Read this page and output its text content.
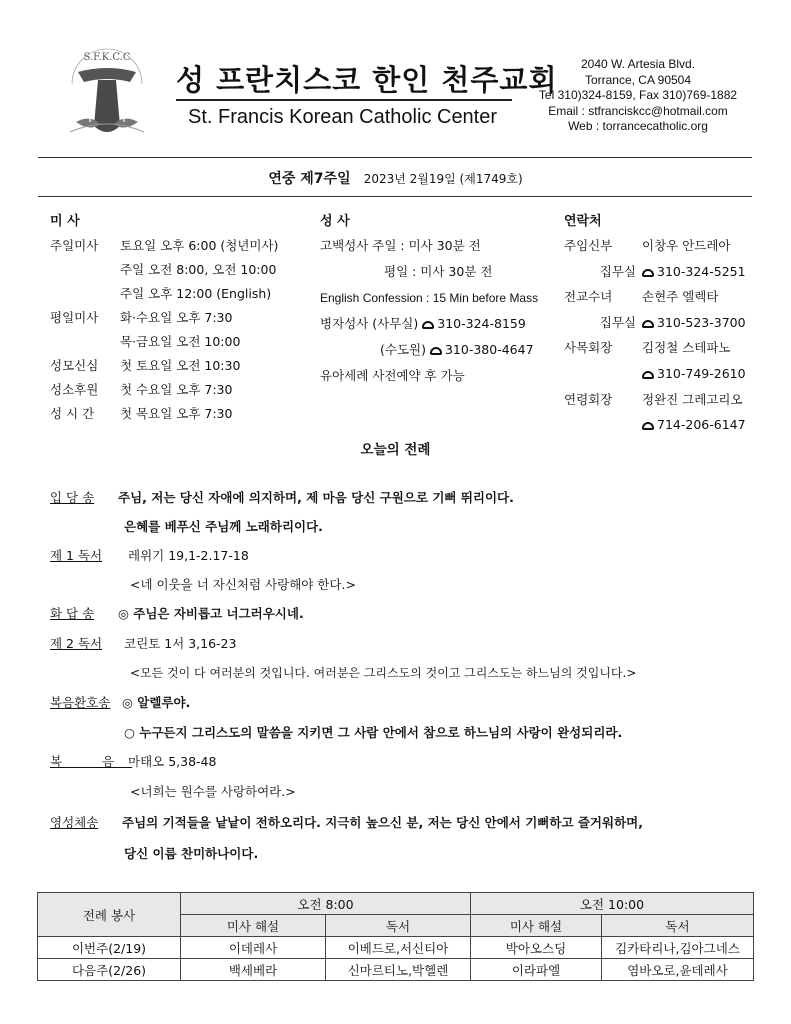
S.F.K.C.C
성 프란치스코 한인 천주교회
St. Francis Korean Catholic Center
2040 W. Artesia Blvd.
Torrance, CA 90504
Tel 310)324-8159, Fax 310)769-1882
Email : stfranciskcc@hotmail.com
Web : torrancecatholic.org
연중 제7주일 2023년 2월19일 (제1749호)
미 사
주일미사 토요일 오후 6:00 (청년미사)
주일 오전 8:00, 오전 10:00
주일 오후 12:00 (English)
평일미사 화·수요일 오후 7:30
목·금요일 오전 10:00
성모신심 첫 토요일 오전 10:30
성소후원 첫 수요일 오후 7:30
성 시 간 첫 목요일 오후 7:30
성 사
고백성사 주일 : 미사 30분 전
평일 : 미사 30분 전
English Confession : 15 Min before Mass
병자성사 (사무실) 310-324-8159
(수도원) 310-380-4647
유아세례 사전예약 후 가능
연락처
주임신부 이창우 안드레아
집무실 310-324-5251
전교수녀 손현주 엘렉타
집무실 310-523-3700
사목회장 김정철 스테파노
310-749-2610
연령회장 정완진 그레고리오
714-206-6147
오늘의 전례
입 당 송 주님, 저는 당신 자애에 의지하며, 제 마음 당신 구원으로 기뻐 뛰리이다.
은혜를 베푸신 주님께 노래하리이다.
제 1 독서 레위기 19,1-2.17-18
<네 이웃을 너 자신처럼 사랑해야 한다.>
화 답 송 ◎ 주님은 자비롭고 너그러우시네.
제 2 독서 코린토 1서 3,16-23
<모든 것이 다 여러분의 것입니다. 여러분은 그리스도의 것이고 그리스도는 하느님의 것입니다.>
복음환호송 ◎ 알렐루야.
○ 누구든지 그리스도의 말씀을 지키면 그 사람 안에서 참으로 하느님의 사랑이 완성되리라.
복 음마태오 5,38-48
<너희는 원수를 사랑하여라.>
영성체송 주님의 기적들을 낱낱이 전하오리다. 지극히 높으신 분, 저는 당신 안에서 기뻐하고 즐거워하며,
당신 이름 찬미하나이다.
전례 봉사	오전 8:00		오전 10:00	
	미사 해설	독서	미사 해설	독서
이번주(2/19)	이데레사	이베드로,서신티아	박아오스딩	김카타리나,김아그네스
다음주(2/26)	백세베라	신마르티노,박헬렌	이라파엘	염바오로,윤데레사
